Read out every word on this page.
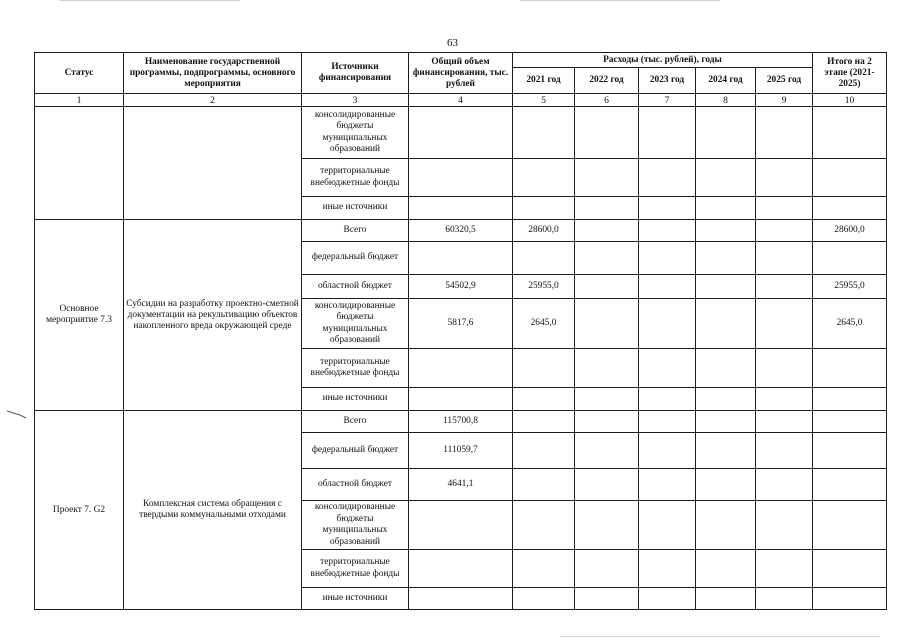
63
Статус	Наименование государственной программы, подпрограммы, основного мероприятия	Источники финансирования	Общий объем финансирования, тыс. рублей	Расходы (тыс. рублей), годы					Итого на 2 этапе (2021-2025)
				2021 год	2022 год	2023 год	2024 год	2025 год	
1	2	3	4	5	6	7	8	9	10
		консолидированные бюджеты муниципальных образований							
		территориальные внебюджетные фонды							
		иные источники							
Основное мероприятие 7.3	Субсидии на разработку проектно-сметной документации на рекультивацию объектов накопленного вреда окружающей среде	Всего	60320,5	28600,0					28600,0
		федеральный бюджет							
		областной бюджет	54502,9	25955,0					25955,0
		консолидированные бюджеты муниципальных образований	5817,6	2645,0					2645,0
		территориальные внебюджетные фонды							
		иные источники							
Проект 7. G2	Комплексная система обращения с твердыми коммунальными отходами	Всего	115700,8						
		федеральный бюджет	111059,7						
		областной бюджет	4641,1						
		консолидированные бюджеты муниципальных образований							
		территориальные внебюджетные фонды							
		иные источники							
